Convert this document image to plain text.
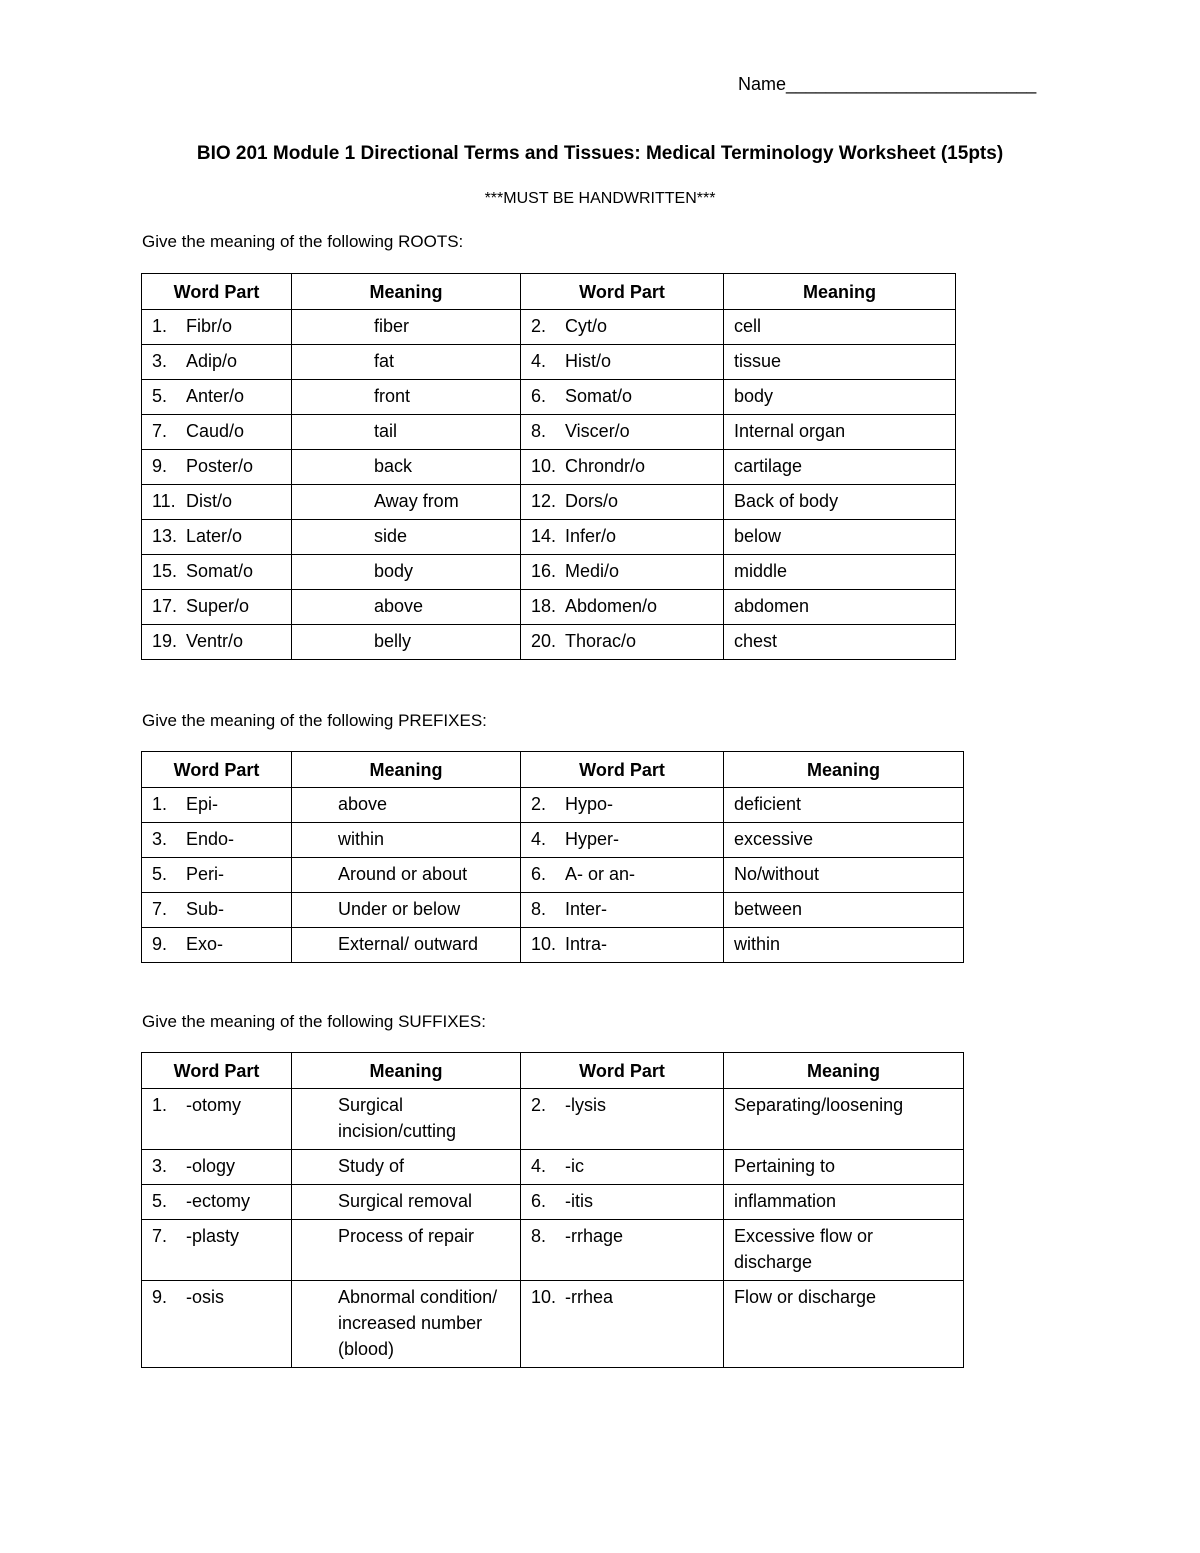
Name_________________________
BIO 201 Module 1 Directional Terms and Tissues: Medical Terminology Worksheet (15pts)
***MUST BE HANDWRITTEN***
Give the meaning of the following ROOTS:
Word Part	Meaning	Word Part	Meaning
1. Fibr/o	fiber	2. Cyt/o	cell
3. Adip/o	fat	4. Hist/o	tissue
5. Anter/o	front	6. Somat/o	body
7. Caud/o	tail	8. Viscer/o	Internal organ
9. Poster/o	back	10. Chrondr/o	cartilage
11. Dist/o	Away from	12. Dors/o	Back of body
13. Later/o	side	14. Infer/o	below
15. Somat/o	body	16. Medi/o	middle
17. Super/o	above	18. Abdomen/o	abdomen
19. Ventr/o	belly	20. Thorac/o	chest
Give the meaning of the following PREFIXES:
Word Part	Meaning	Word Part	Meaning
1. Epi-	above	2. Hypo-	deficient
3. Endo-	within	4. Hyper-	excessive
5. Peri-	Around or about	6. A- or an-	No/without
7. Sub-	Under or below	8. Inter-	between
9. Exo-	External/ outward	10. Intra-	within
Give the meaning of the following SUFFIXES:
Word Part	Meaning	Word Part	Meaning
1. -otomy	Surgical incision/cutting	2. -lysis	Separating/loosening
3. -ology	Study of	4. -ic	Pertaining to
5. -ectomy	Surgical removal	6. -itis	inflammation
7. -plasty	Process of repair	8. -rrhage	Excessive flow or discharge
9. -osis	Abnormal condition/ increased number (blood)	10. -rrhea	Flow or discharge
